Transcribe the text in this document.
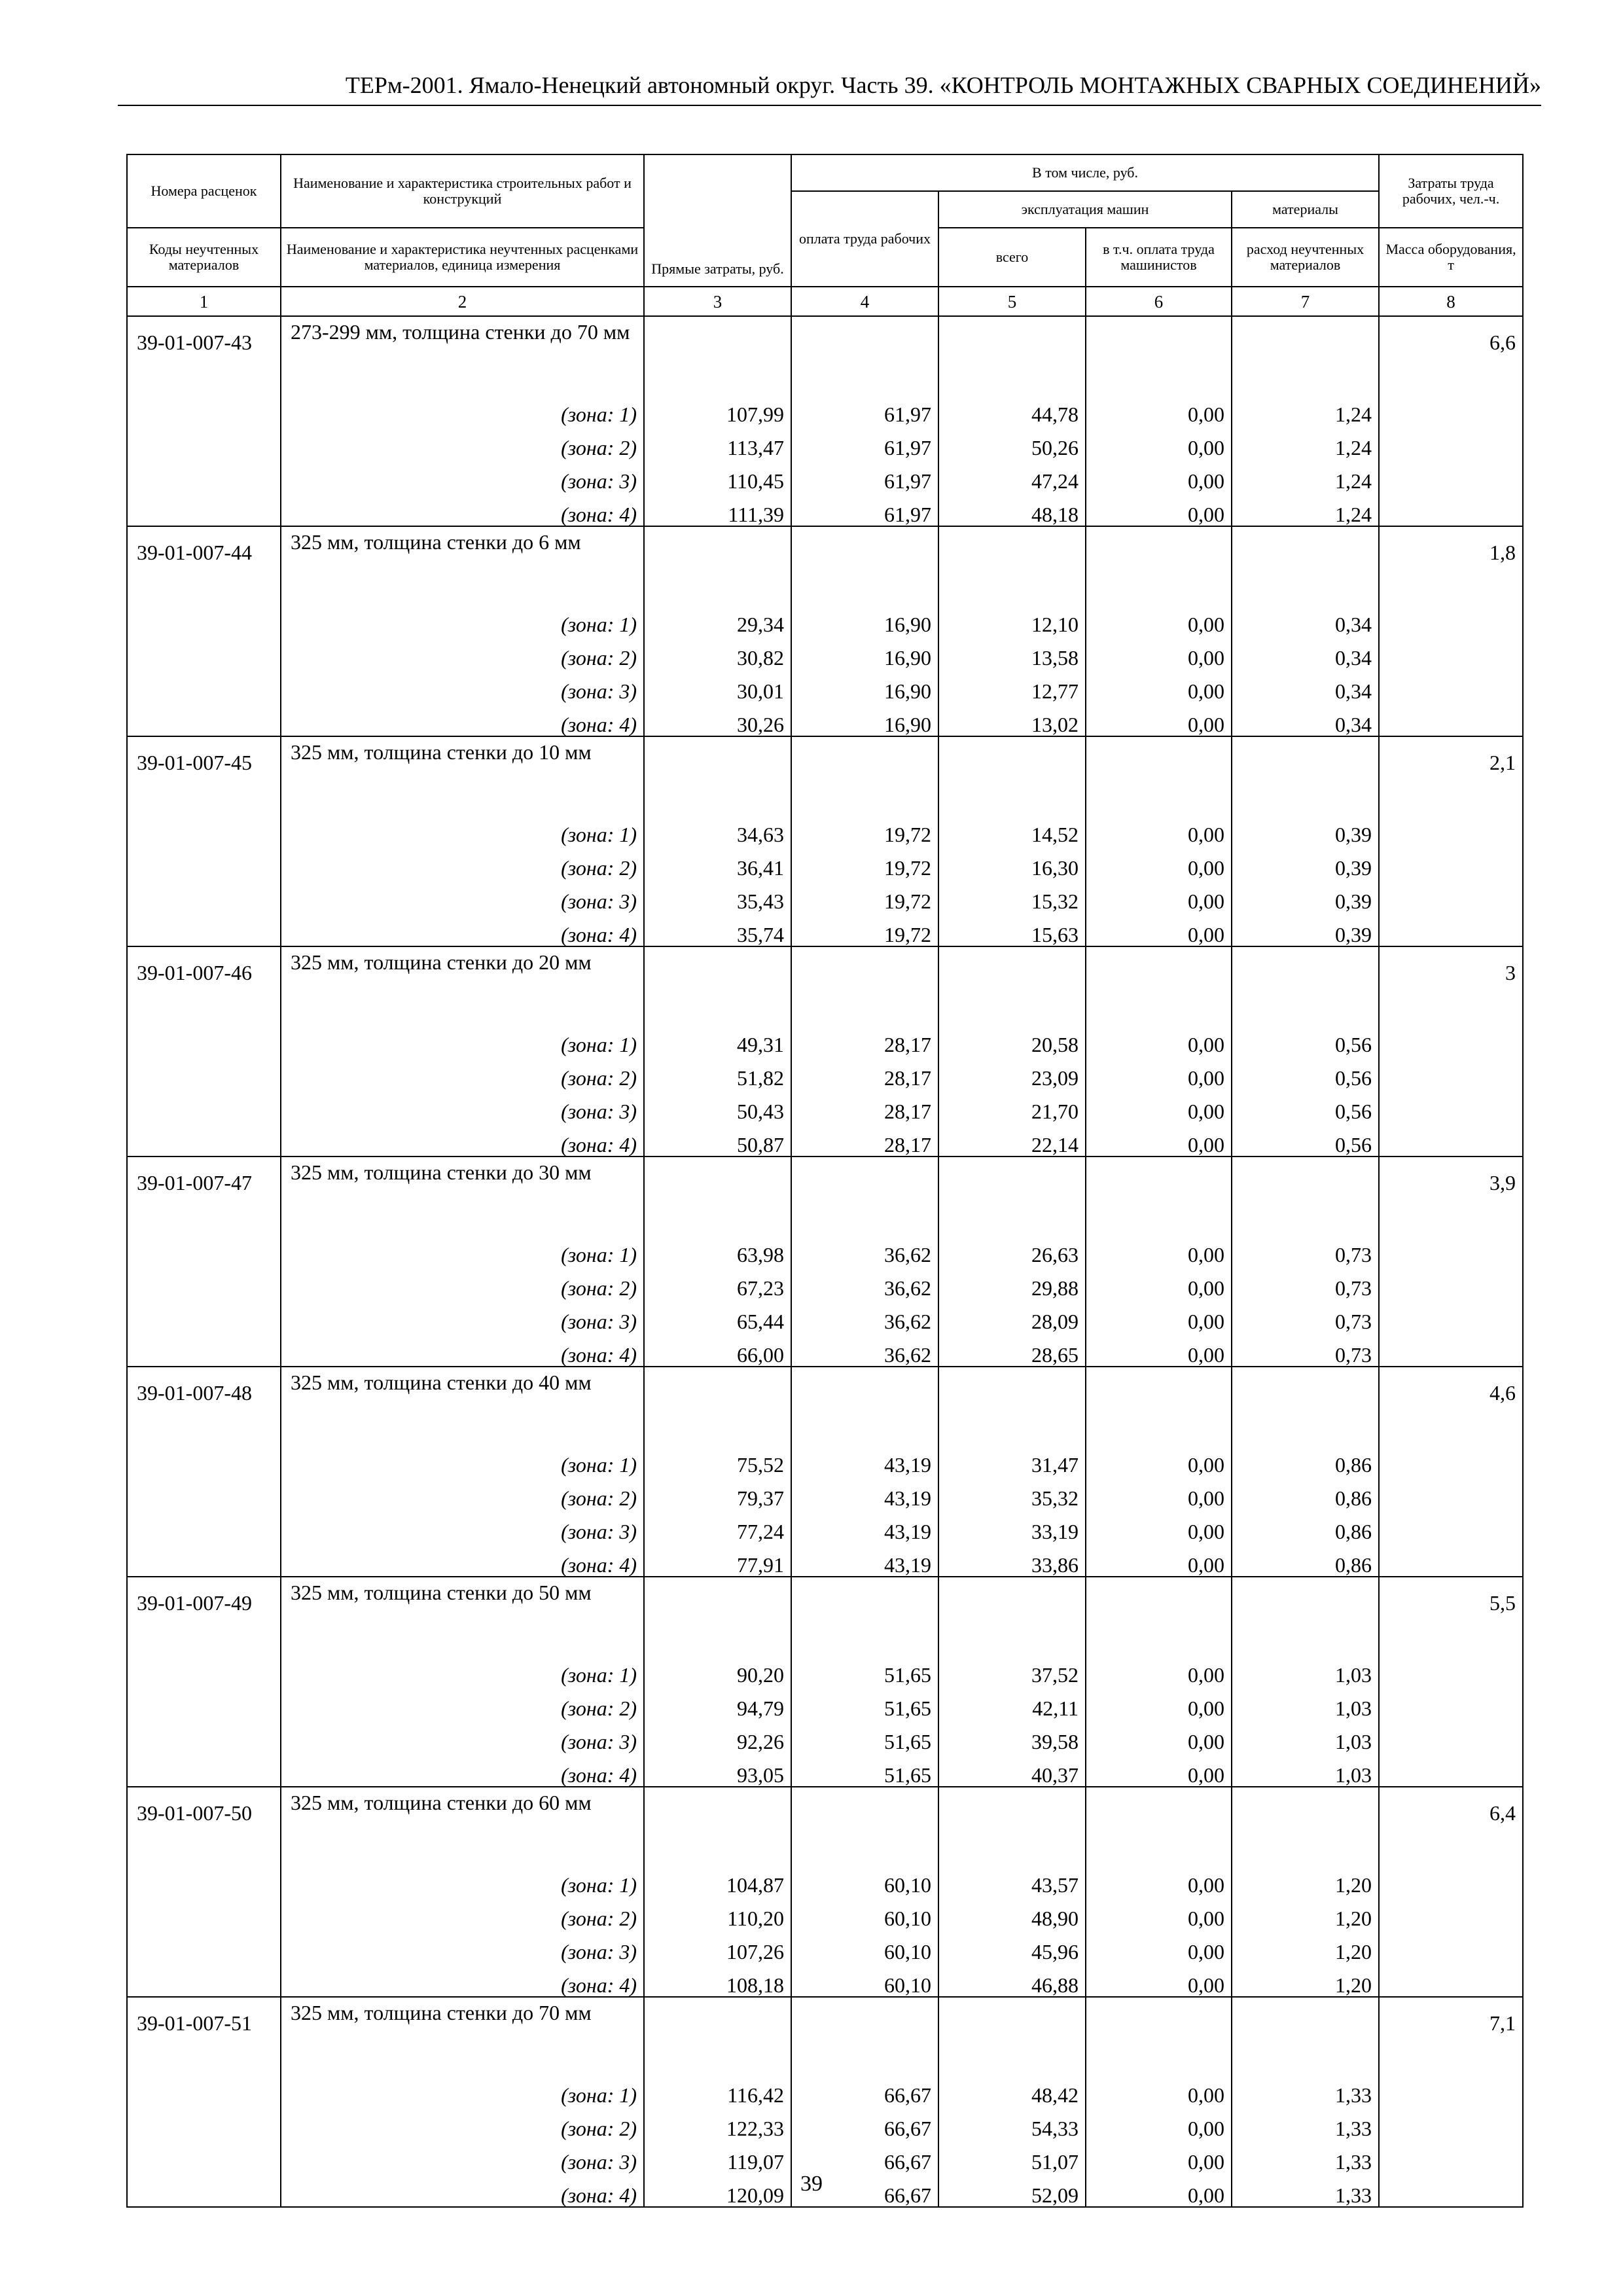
ТЕРм-2001. Ямало-Ненецкий автономный округ. Часть 39. «КОНТРОЛЬ МОНТАЖНЫХ СВАРНЫХ СОЕДИНЕНИЙ»
Номера расценок	Наименование и характеристика строительных работ и конструкций	Прямые затраты, руб.	В том числе, руб.				Затраты труда рабочих, чел.-ч.
			оплата труда рабочих	эксплуатация машин		материалы	
Коды неучтенных материалов	Наименование и характеристика неучтенных расценками материалов, единица измерения			всего	в т.ч. оплата труда машинистов	расход неучтенных материалов	Масса оборудования, т
1	2	3	4	5	6	7	8
39-01-007-43	273-299 мм, толщина стенки до 70 мм						6,6
	(зона: 1)	107,99	61,97	44,78	0,00	1,24	
	(зона: 2)	113,47	61,97	50,26	0,00	1,24	
	(зона: 3)	110,45	61,97	47,24	0,00	1,24	
	(зона: 4)	111,39	61,97	48,18	0,00	1,24	
39-01-007-44	325 мм, толщина стенки до 6 мм						1,8
	(зона: 1)	29,34	16,90	12,10	0,00	0,34	
	(зона: 2)	30,82	16,90	13,58	0,00	0,34	
	(зона: 3)	30,01	16,90	12,77	0,00	0,34	
	(зона: 4)	30,26	16,90	13,02	0,00	0,34	
39-01-007-45	325 мм, толщина стенки до 10 мм						2,1
	(зона: 1)	34,63	19,72	14,52	0,00	0,39	
	(зона: 2)	36,41	19,72	16,30	0,00	0,39	
	(зона: 3)	35,43	19,72	15,32	0,00	0,39	
	(зона: 4)	35,74	19,72	15,63	0,00	0,39	
39-01-007-46	325 мм, толщина стенки до 20 мм						3
	(зона: 1)	49,31	28,17	20,58	0,00	0,56	
	(зона: 2)	51,82	28,17	23,09	0,00	0,56	
	(зона: 3)	50,43	28,17	21,70	0,00	0,56	
	(зона: 4)	50,87	28,17	22,14	0,00	0,56	
39-01-007-47	325 мм, толщина стенки до 30 мм						3,9
	(зона: 1)	63,98	36,62	26,63	0,00	0,73	
	(зона: 2)	67,23	36,62	29,88	0,00	0,73	
	(зона: 3)	65,44	36,62	28,09	0,00	0,73	
	(зона: 4)	66,00	36,62	28,65	0,00	0,73	
39-01-007-48	325 мм, толщина стенки до 40 мм						4,6
	(зона: 1)	75,52	43,19	31,47	0,00	0,86	
	(зона: 2)	79,37	43,19	35,32	0,00	0,86	
	(зона: 3)	77,24	43,19	33,19	0,00	0,86	
	(зона: 4)	77,91	43,19	33,86	0,00	0,86	
39-01-007-49	325 мм, толщина стенки до 50 мм						5,5
	(зона: 1)	90,20	51,65	37,52	0,00	1,03	
	(зона: 2)	94,79	51,65	42,11	0,00	1,03	
	(зона: 3)	92,26	51,65	39,58	0,00	1,03	
	(зона: 4)	93,05	51,65	40,37	0,00	1,03	
39-01-007-50	325 мм, толщина стенки до 60 мм						6,4
	(зона: 1)	104,87	60,10	43,57	0,00	1,20	
	(зона: 2)	110,20	60,10	48,90	0,00	1,20	
	(зона: 3)	107,26	60,10	45,96	0,00	1,20	
	(зона: 4)	108,18	60,10	46,88	0,00	1,20	
39-01-007-51	325 мм, толщина стенки до 70 мм						7,1
	(зона: 1)	116,42	66,67	48,42	0,00	1,33	
	(зона: 2)	122,33	66,67	54,33	0,00	1,33	
	(зона: 3)	119,07	66,67	51,07	0,00	1,33	
	(зона: 4)	120,09	66,67	52,09	0,00	1,33	
39
